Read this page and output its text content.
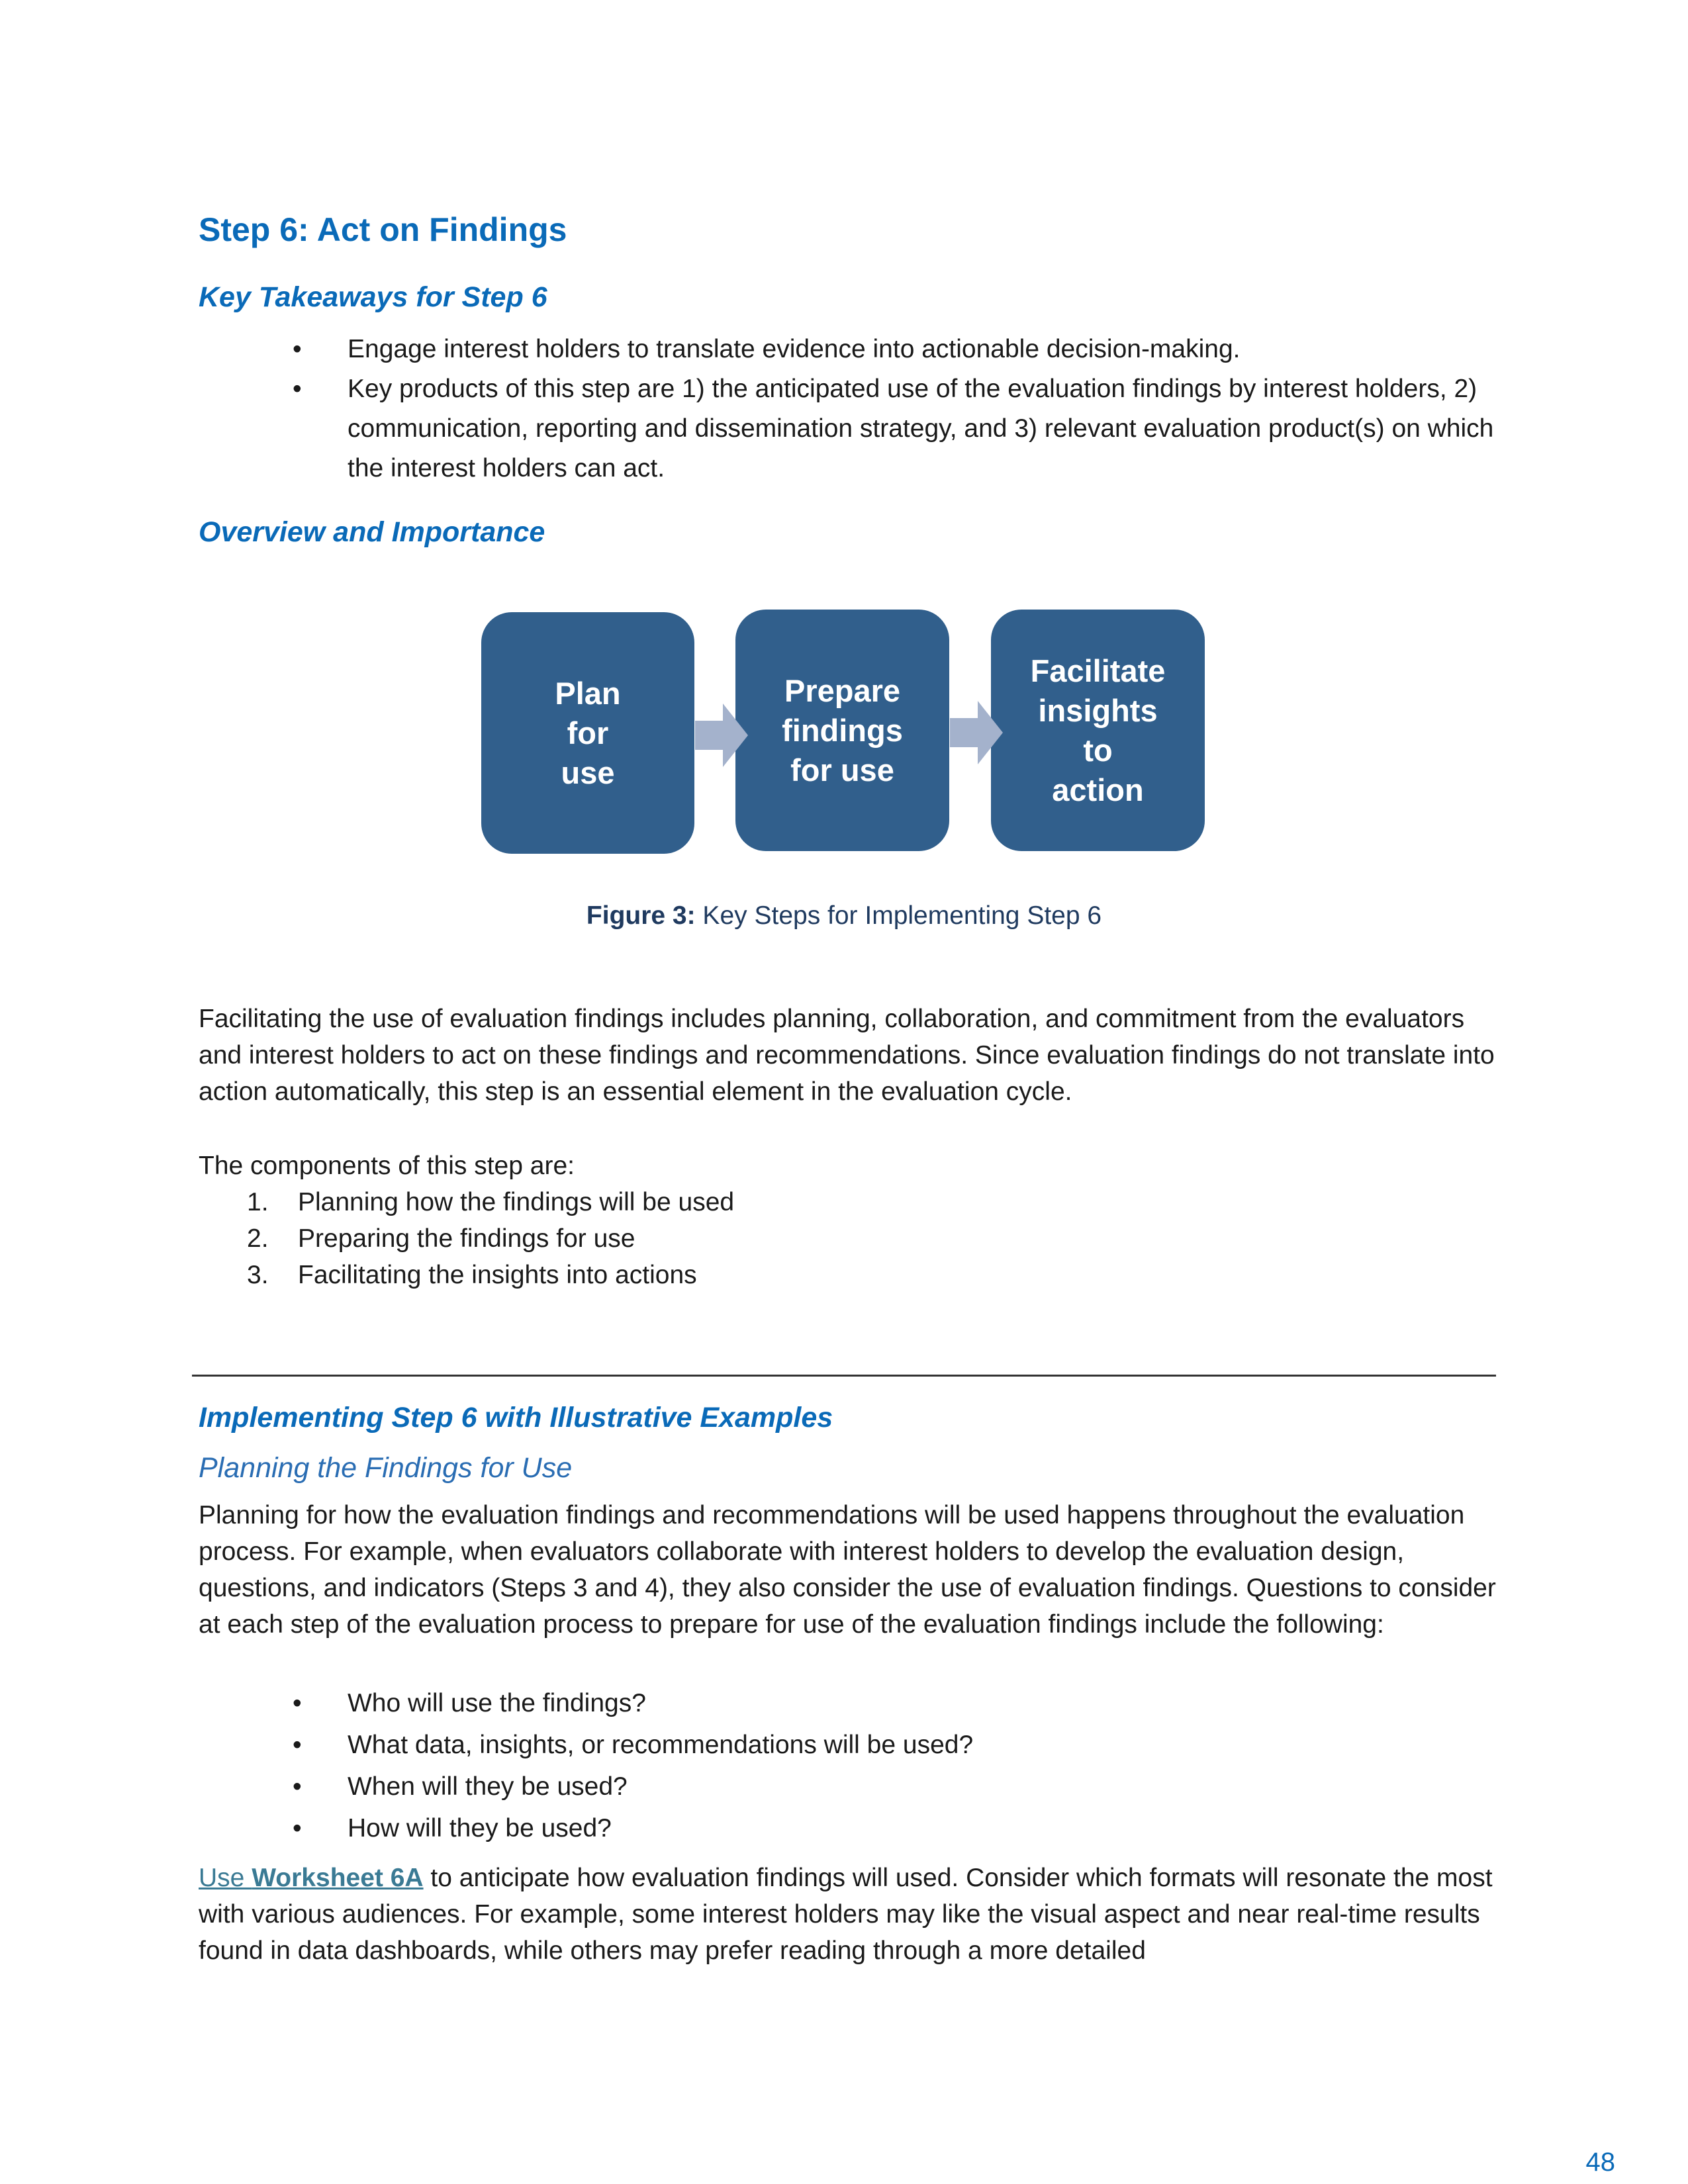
Step 6: Act on Findings
Key Takeaways for Step 6
• Engage interest holders to translate evidence into actionable decision-making.
• Key products of this step are 1) the anticipated use of the evaluation findings by interest holders, 2) communication, reporting and dissemination strategy, and 3) relevant evaluation product(s) on which the interest holders can act.
Overview and Importance
Plan
for
use
Prepare
findings
for use
Facilitate
insights
to
action
Figure 3: Key Steps for Implementing Step 6
Facilitating the use of evaluation findings includes planning, collaboration, and commitment from the evaluators and interest holders to act on these findings and recommendations. Since evaluation findings do not translate into action automatically, this step is an essential element in the evaluation cycle.
The components of this step are:
1. Planning how the findings will be used
2. Preparing the findings for use
3. Facilitating the insights into actions
Implementing Step 6 with Illustrative Examples
Planning the Findings for Use
Planning for how the evaluation findings and recommendations will be used happens throughout the evaluation process. For example, when evaluators collaborate with interest holders to develop the evaluation design, questions, and indicators (Steps 3 and 4), they also consider the use of evaluation findings. Questions to consider at each step of the evaluation process to prepare for use of the evaluation findings include the following:
• Who will use the findings?
• What data, insights, or recommendations will be used?
• When will they be used?
• How will they be used?
Use Worksheet 6A to anticipate how evaluation findings will used. Consider which formats will resonate the most with various audiences. For example, some interest holders may like the visual aspect and near real-time results found in data dashboards, while others may prefer reading through a more detailed
48
